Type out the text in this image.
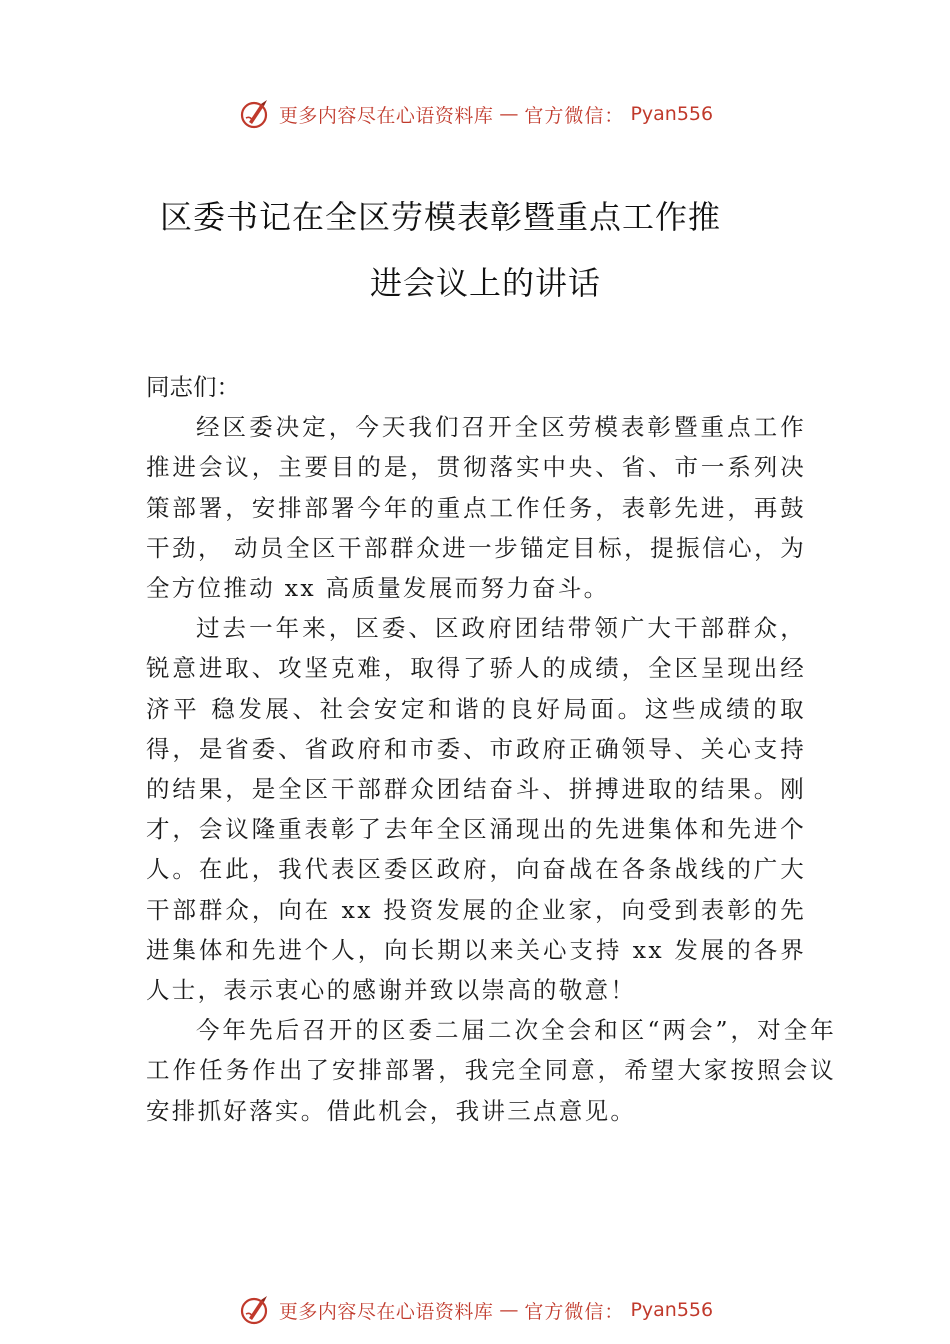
更多内容尽在心语资料库 — 官方微信： Pyan556
区委书记在全区劳模表彰暨重点工作推
进会议上的讲话

同志们：

经区委决定，今天我们召开全区劳模表彰暨重点工作推进会议，主要目的是，贯彻落实中央、省、市一系列决策部署，安排部署今年的重点工作任务，表彰先进，再鼓干劲， 动员全区干部群众进一步锚定目标，提振信心，为全方位推动 xx 高质量发展而努力奋斗。

过去一年来，区委、区政府团结带领广大干部群众，锐意进取、攻坚克难，取得了骄人的成绩，全区呈现出经济平 稳发展、社会安定和谐的良好局面。这些成绩的取得，是省委、省政府和市委、市政府正确领导、关心支持的结果，是全区干部群众团结奋斗、拼搏进取的结果。刚才，会议隆重表彰了去年全区涌现出的先进集体和先进个人。在此，我代表区委区政府，向奋战在各条战线的广大干部群众，向在 xx 投资发展的企业家，向受到表彰的先进集体和先进个人，向长期以来关心支持 xx 发展的各界人士，表示衷心的感谢并致以崇高的敬意！

今年先后召开的区委二届二次全会和区“两会”，对全年工作任务作出了安排部署，我完全同意，希望大家按照会议安排抓好落实。借此机会，我讲三点意见。

更多内容尽在心语资料库 — 官方微信： Pyan556
